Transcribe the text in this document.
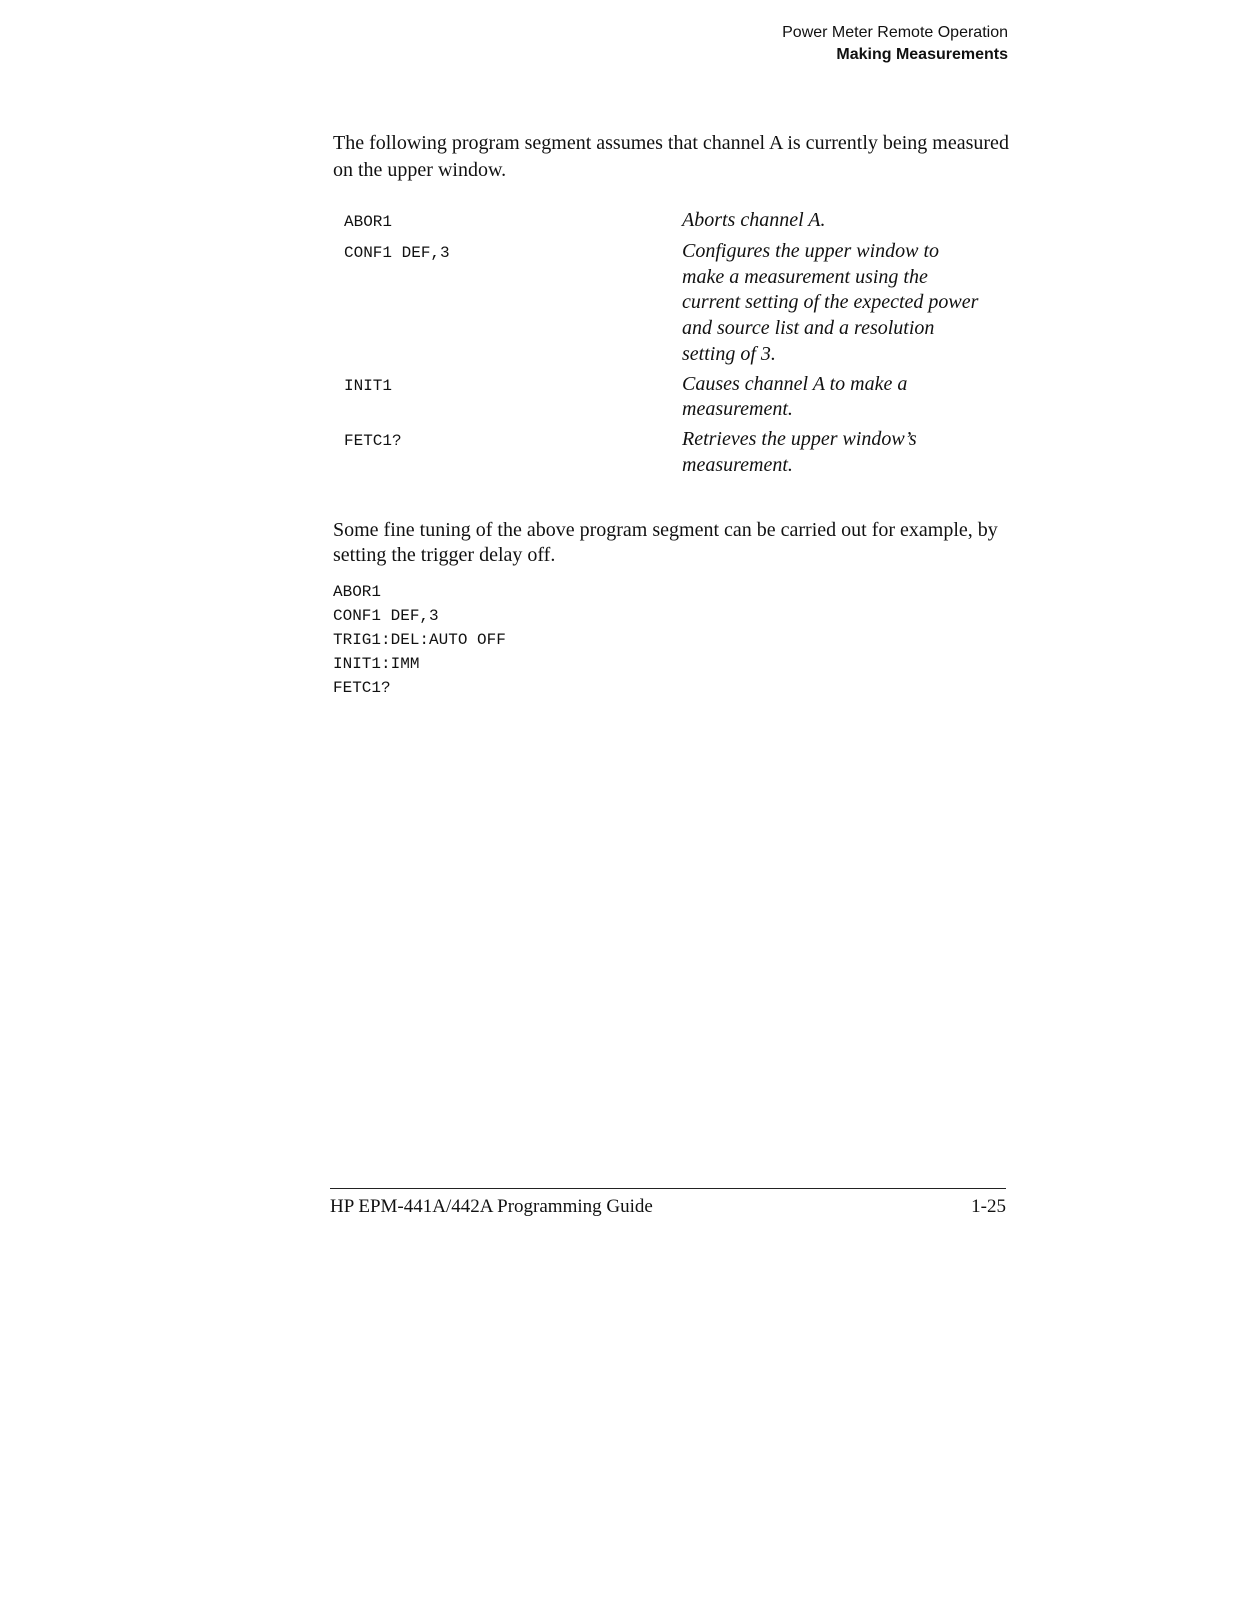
Power Meter Remote Operation
Making Measurements

The following program segment assumes that channel A is currently being measured on the upper window.

ABOR1	Aborts channel A.
CONF1 DEF,3	Configures the upper window to make a measurement using the current setting of the expected power and source list and a resolution setting of 3.
INIT1	Causes channel A to make a measurement.
FETC1?	Retrieves the upper window’s measurement.

Some fine tuning of the above program segment can be carried out for example, by setting the trigger delay off.

ABOR1
CONF1 DEF,3
TRIG1:DEL:AUTO OFF
INIT1:IMM
FETC1?
HP EPM-441A/442A Programming Guide	1-25
